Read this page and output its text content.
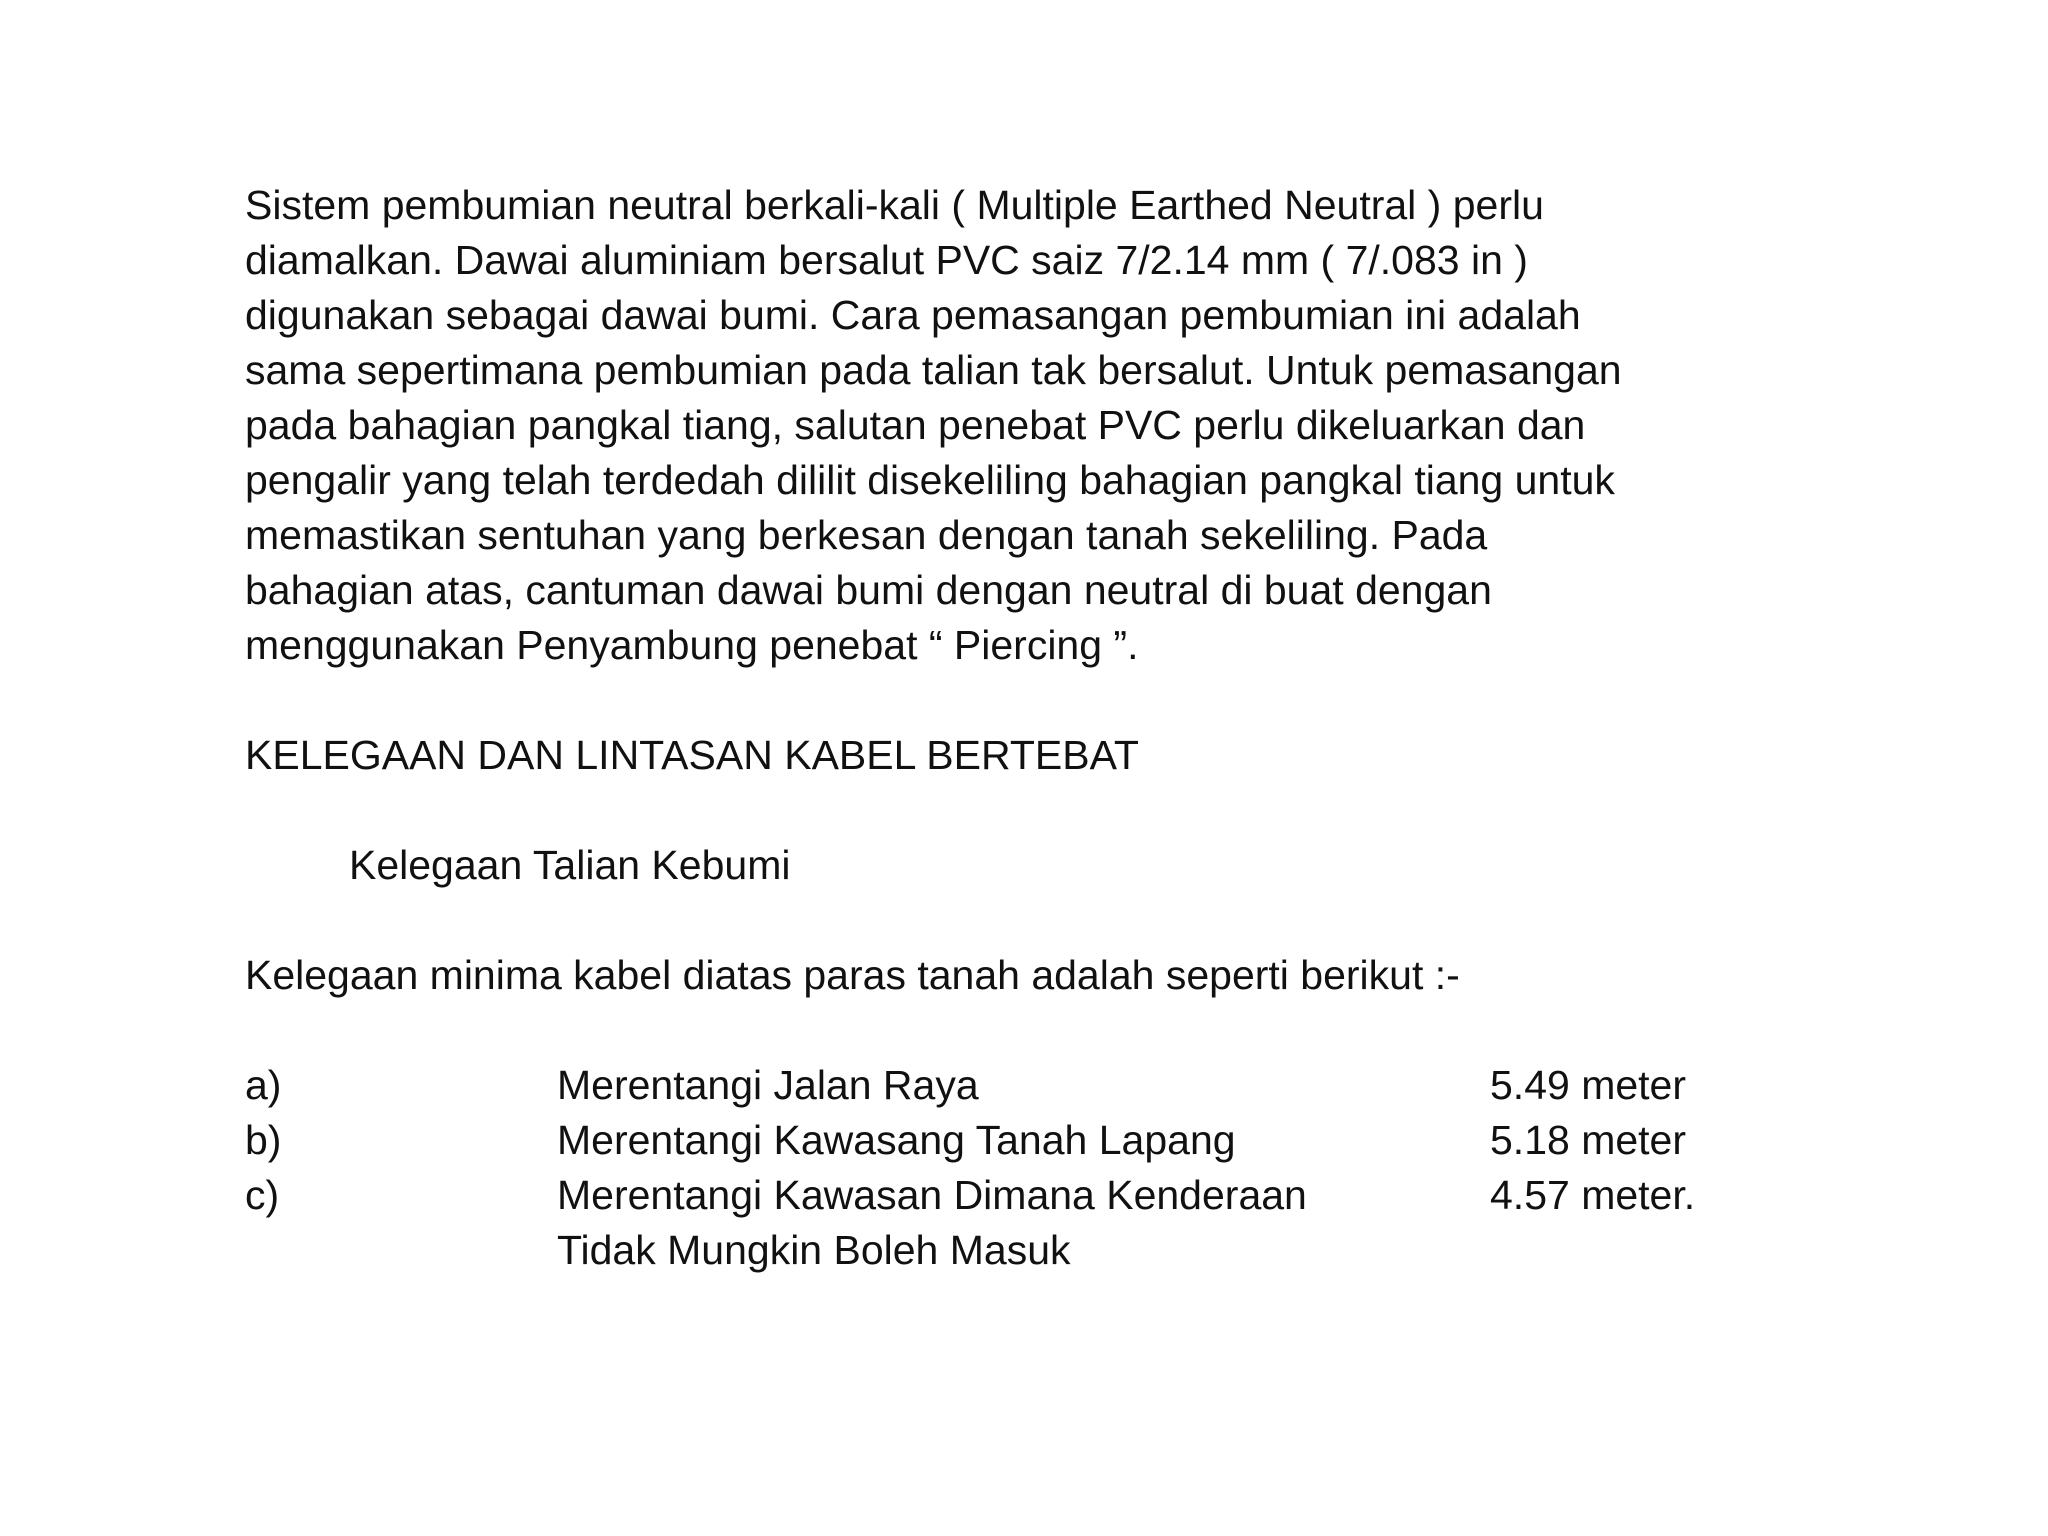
Sistem pembumian neutral berkali-kali ( Multiple Earthed Neutral ) perlu
diamalkan. Dawai aluminiam bersalut PVC saiz 7/2.14 mm ( 7/.083 in )
digunakan sebagai dawai bumi. Cara pemasangan pembumian ini adalah
sama sepertimana pembumian pada talian tak bersalut. Untuk pemasangan
pada bahagian pangkal tiang, salutan penebat PVC perlu dikeluarkan dan
pengalir yang telah terdedah dililit disekeliling bahagian pangkal tiang untuk
memastikan sentuhan yang berkesan dengan tanah sekeliling. Pada
bahagian atas, cantuman dawai bumi dengan neutral di buat dengan
menggunakan Penyambung penebat “ Piercing ”.
KELEGAAN DAN LINTASAN KABEL BERTEBAT
Kelegaan Talian Kebumi
Kelegaan minima kabel diatas paras tanah adalah seperti berikut :-
a)	Merentangi Jalan Raya	5.49 meter
b)	Merentangi Kawasang Tanah Lapang	5.18 meter
c)	Merentangi Kawasan Dimana Kenderaan	4.57 meter.
Tidak Mungkin Boleh Masuk
